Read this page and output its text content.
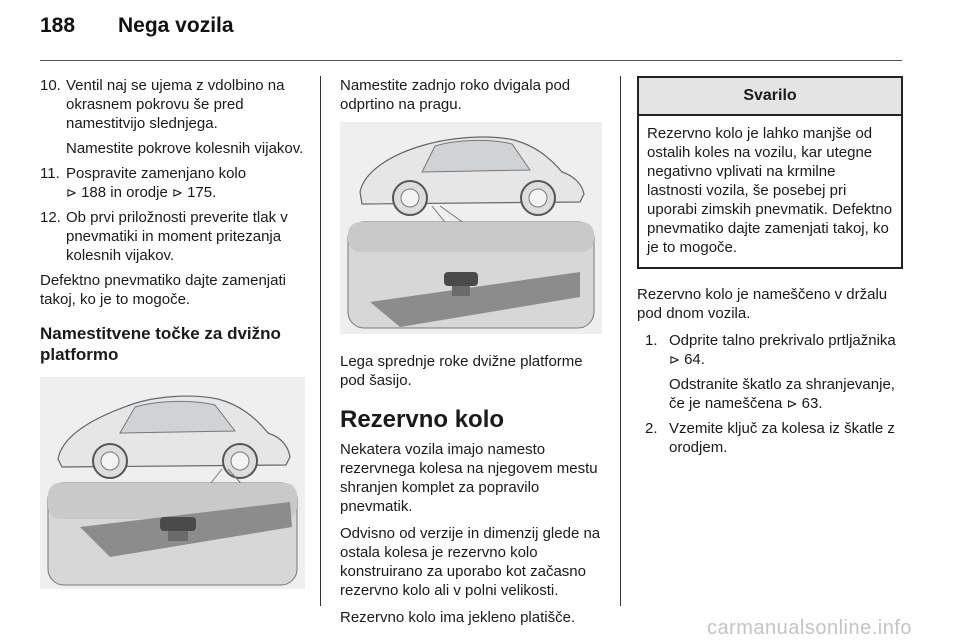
188 Nega vozila
10. Ventil naj se ujema z vdolbino na okrasnem pokrovu še pred namestitvijo slednjega.

Namestite pokrove kolesnih vijakov.

11. Pospravite zamenjano kolo
⊳ 188 in orodje ⊳ 175.

12. Ob prvi priložnosti preverite tlak v pnevmatiki in moment pritezanja kolesnih vijakov.

Defektno pnevmatiko dajte zamenjati takoj, ko je to mogoče.

Namestitvene točke za dvižno platformo

Namestite zadnjo roko dvigala pod odprtino na pragu.

Lega sprednje roke dvižne platforme pod šasijo.

Rezervno kolo

Nekatera vozila imajo namesto rezervnega kolesa na njegovem mestu shranjen komplet za popravilo pnevmatik.

Odvisno od verzije in dimenzij glede na ostala kolesa je rezervno kolo konstruirano za uporabo kot začasno rezervno kolo ali v polni velikosti.

Rezervno kolo ima jekleno platišče.

Svarilo
Rezervno kolo je lahko manjše od ostalih koles na vozilu, kar utegne negativno vplivati na krmilne lastnosti vozila, še posebej pri uporabi zimskih pnevmatik. Defektno pnevmatiko dajte zamenjati takoj, ko je to mogoče.

Rezervno kolo je nameščeno v držalu pod dnom vozila.

1. Odprite talno prekrivalo prtljažnika ⊳ 64.

Odstranite škatlo za shranjevanje, če je nameščena ⊳ 63.

2. Vzemite ključ za kolesa iz škatle z orodjem.

carmanualsonline.info
